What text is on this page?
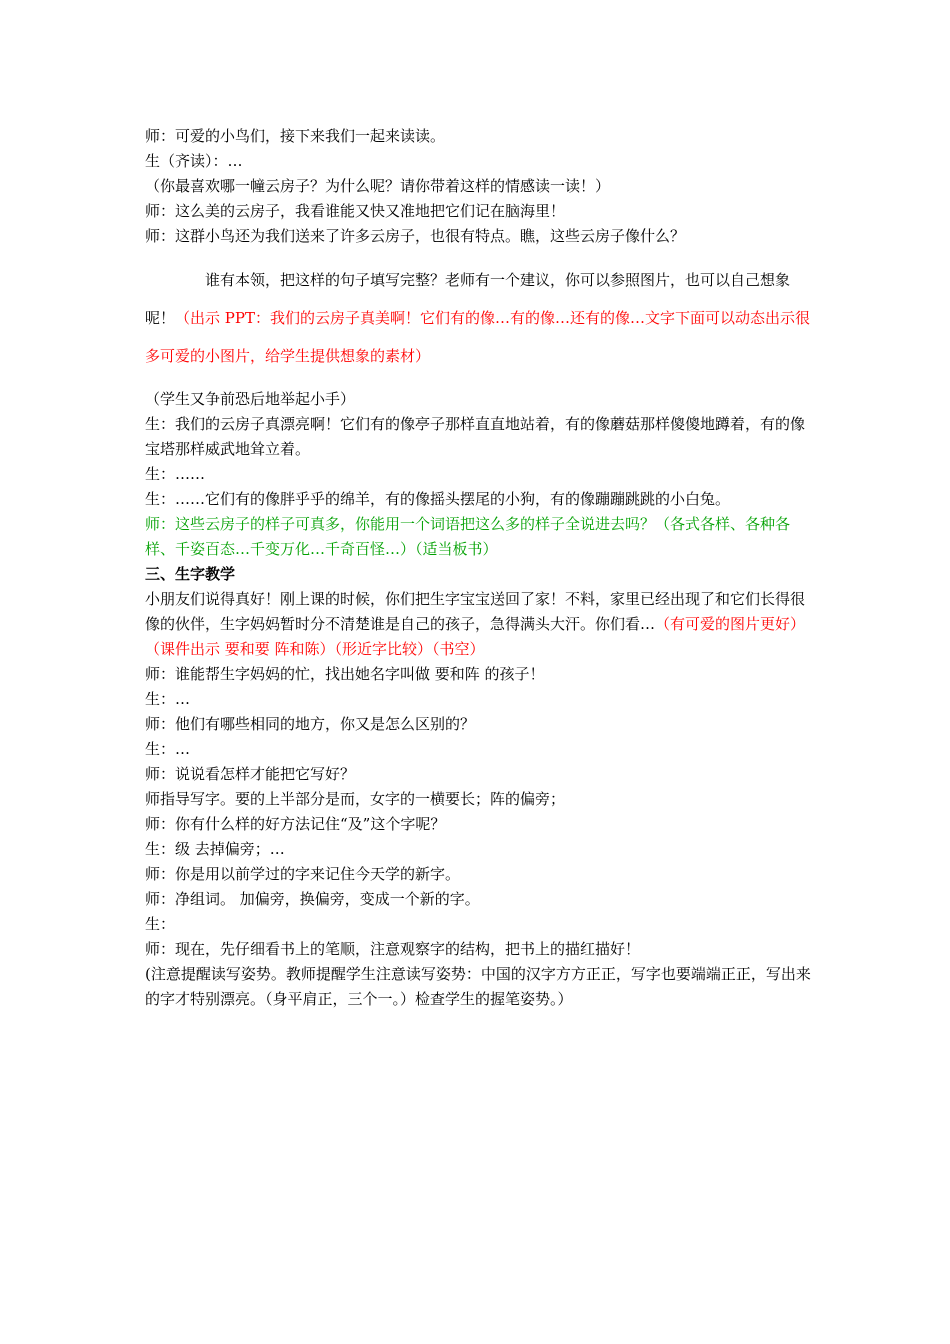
师：可爱的小鸟们，接下来我们一起来读读。
生（齐读）：…
（你最喜欢哪一幢云房子？为什么呢？请你带着这样的情感读一读！）
师：这么美的云房子，我看谁能又快又准地把它们记在脑海里！
师：这群小鸟还为我们送来了许多云房子，也很有特点。瞧，这些云房子像什么？
谁有本领，把这样的句子填写完整？老师有一个建议，你可以参照图片，也可以自己想象呢！（出示 PPT：我们的云房子真美啊！它们有的像…有的像…还有的像…文字下面可以动态出示很多可爱的小图片，给学生提供想象的素材）
（学生又争前恐后地举起小手）
生：我们的云房子真漂亮啊！它们有的像亭子那样直直地站着，有的像蘑菇那样傻傻地蹲着，有的像宝塔那样威武地耸立着。
生：……
生：……它们有的像胖乎乎的绵羊，有的像摇头摆尾的小狗，有的像蹦蹦跳跳的小白兔。
师：这些云房子的样子可真多，你能用一个词语把这么多的样子全说进去吗？（各式各样、各种各样、千姿百态…千变万化…千奇百怪…）（适当板书）
三、生字教学
小朋友们说得真好！刚上课的时候，你们把生字宝宝送回了家！不料，家里已经出现了和它们长得很像的伙伴，生字妈妈暂时分不清楚谁是自己的孩子，急得满头大汗。你们看…（有可爱的图片更好）
（课件出示 要和要 阵和陈）（形近字比较）（书空）
师：谁能帮生字妈妈的忙，找出她名字叫做 要和阵 的孩子！
生：…
师：他们有哪些相同的地方，你又是怎么区别的？
生：…
师：说说看怎样才能把它写好？
师指导写字。要的上半部分是而，女字的一横要长；阵的偏旁；
师：你有什么样的好方法记住“及”这个字呢？
生：级 去掉偏旁；…
师：你是用以前学过的字来记住今天学的新字。
师：净组词。 加偏旁，换偏旁，变成一个新的字。
生：
师：现在，先仔细看书上的笔顺，注意观察字的结构，把书上的描红描好！
(注意提醒读写姿势。教师提醒学生注意读写姿势：中国的汉字方方正正，写字也要端端正正，写出来的字才特别漂亮。（身平肩正，三个一。）检查学生的握笔姿势。）
